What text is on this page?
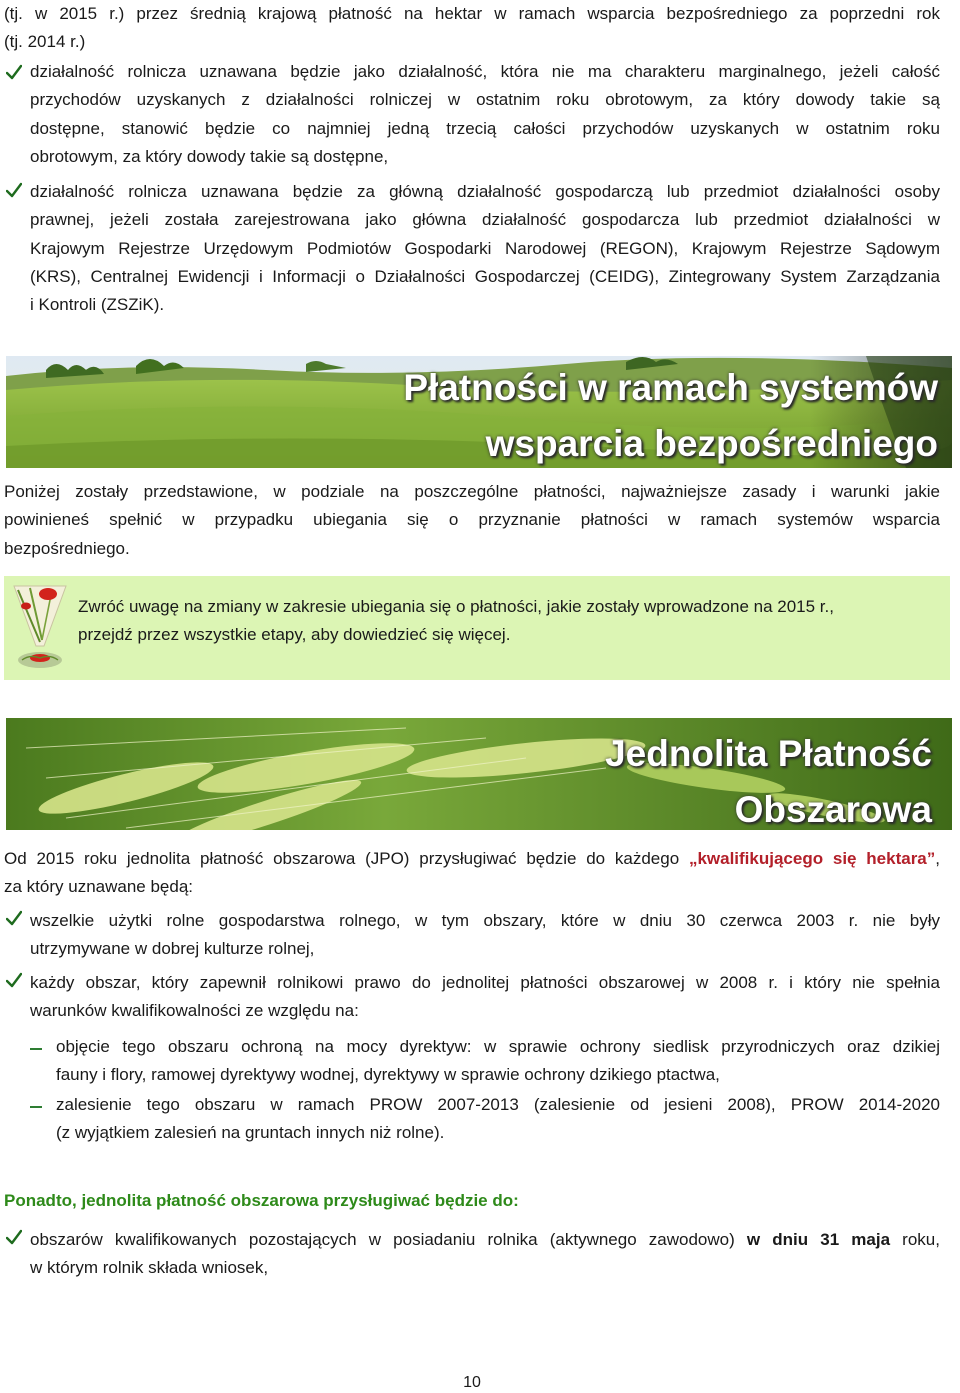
(tj. w 2015 r.) przez średnią krajową płatność na hektar w ramach wsparcia bezpośredniego za poprzedni rok
(tj. 2014 r.)
działalność rolnicza uznawana będzie jako działalność, która nie ma charakteru marginalnego, jeżeli całość
przychodów uzyskanych z działalności rolniczej w ostatnim roku obrotowym, za który dowody takie są
dostępne, stanowić będzie co najmniej jedną trzecią całości przychodów uzyskanych w ostatnim roku
obrotowym, za który dowody takie są dostępne,
działalność rolnicza uznawana będzie za główną działalność gospodarczą lub przedmiot działalności osoby
prawnej, jeżeli została zarejestrowana jako główna działalność gospodarcza lub przedmiot działalności w
Krajowym Rejestrze Urzędowym Podmiotów Gospodarki Narodowej (REGON), Krajowym Rejestrze Sądowym
(KRS), Centralnej Ewidencji i Informacji o Działalności Gospodarczej (CEIDG), Zintegrowany System Zarządzania
i Kontroli (ZSZiK).
Płatności w ramach systemów
wsparcia bezpośredniego
Poniżej zostały przedstawione, w podziale na poszczególne płatności, najważniejsze zasady i warunki jakie
powinieneś spełnić w przypadku ubiegania się o przyznanie płatności w ramach systemów wsparcia
bezpośredniego.
Zwróć uwagę na zmiany w zakresie ubiegania się o płatności, jakie zostały wprowadzone na 2015 r.,
przejdź przez wszystkie etapy, aby dowiedzieć się więcej.
Jednolita Płatność
Obszarowa
Od 2015 roku jednolita płatność obszarowa (JPO) przysługiwać będzie do każdego „kwalifikującego się hektara”,
za który uznawane będą:
wszelkie użytki rolne gospodarstwa rolnego, w tym obszary, które w dniu 30 czerwca 2003 r. nie były
utrzymywane w dobrej kulturze rolnej,
każdy obszar, który zapewnił rolnikowi prawo do jednolitej płatności obszarowej w 2008 r. i który nie spełnia
warunków kwalifikowalności ze względu na:
objęcie tego obszaru ochroną na mocy dyrektyw: w sprawie ochrony siedlisk przyrodniczych oraz dzikiej
fauny i flory, ramowej dyrektywy wodnej, dyrektywy w sprawie ochrony dzikiego ptactwa,
zalesienie tego obszaru w ramach PROW 2007-2013 (zalesienie od jesieni 2008), PROW 2014-2020
(z wyjątkiem zalesień na gruntach innych niż rolne).
Ponadto, jednolita płatność obszarowa przysługiwać będzie do:
obszarów kwalifikowanych pozostających w posiadaniu rolnika (aktywnego zawodowo) w dniu 31 maja roku,
w którym rolnik składa wniosek,
10
